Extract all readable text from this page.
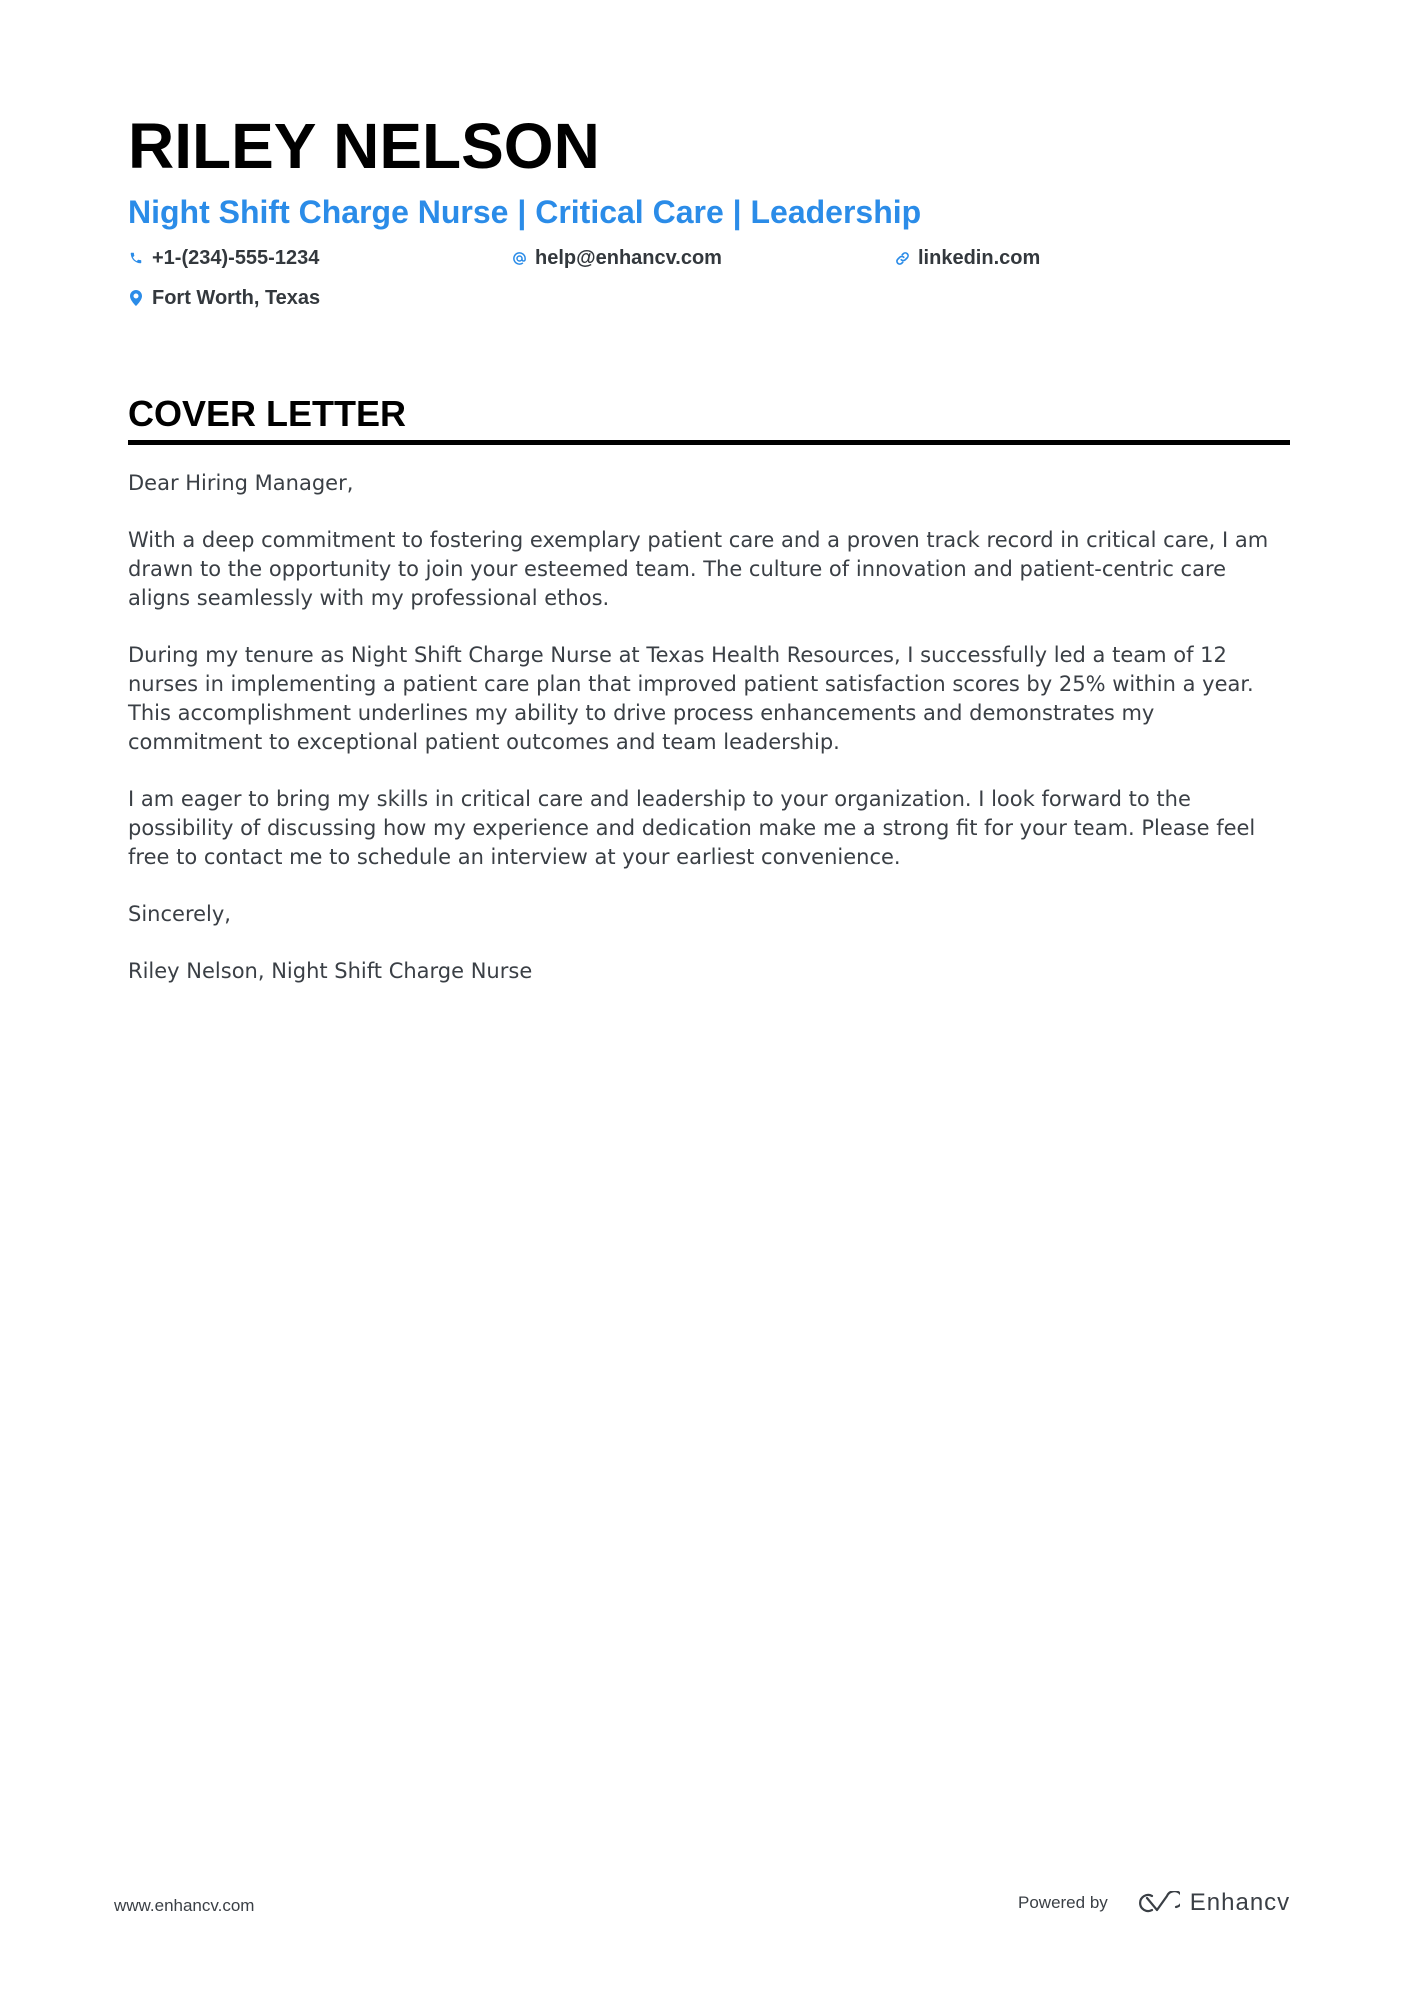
RILEY NELSON
Night Shift Charge Nurse | Critical Care | Leadership
+1-(234)-555-1234	help@enhancv.com	linkedin.com
Fort Worth, Texas
COVER LETTER

Dear Hiring Manager,

With a deep commitment to fostering exemplary patient care and a proven track record in critical care, I am drawn to the opportunity to join your esteemed team. The culture of innovation and patient-centric care aligns seamlessly with my professional ethos.

During my tenure as Night Shift Charge Nurse at Texas Health Resources, I successfully led a team of 12 nurses in implementing a patient care plan that improved patient satisfaction scores by 25% within a year. This accomplishment underlines my ability to drive process enhancements and demonstrates my commitment to exceptional patient outcomes and team leadership.

I am eager to bring my skills in critical care and leadership to your organization. I look forward to the possibility of discussing how my experience and dedication make me a strong fit for your team. Please feel free to contact me to schedule an interview at your earliest convenience.

Sincerely,

Riley Nelson, Night Shift Charge Nurse

www.enhancv.com	Powered by	Enhancv
